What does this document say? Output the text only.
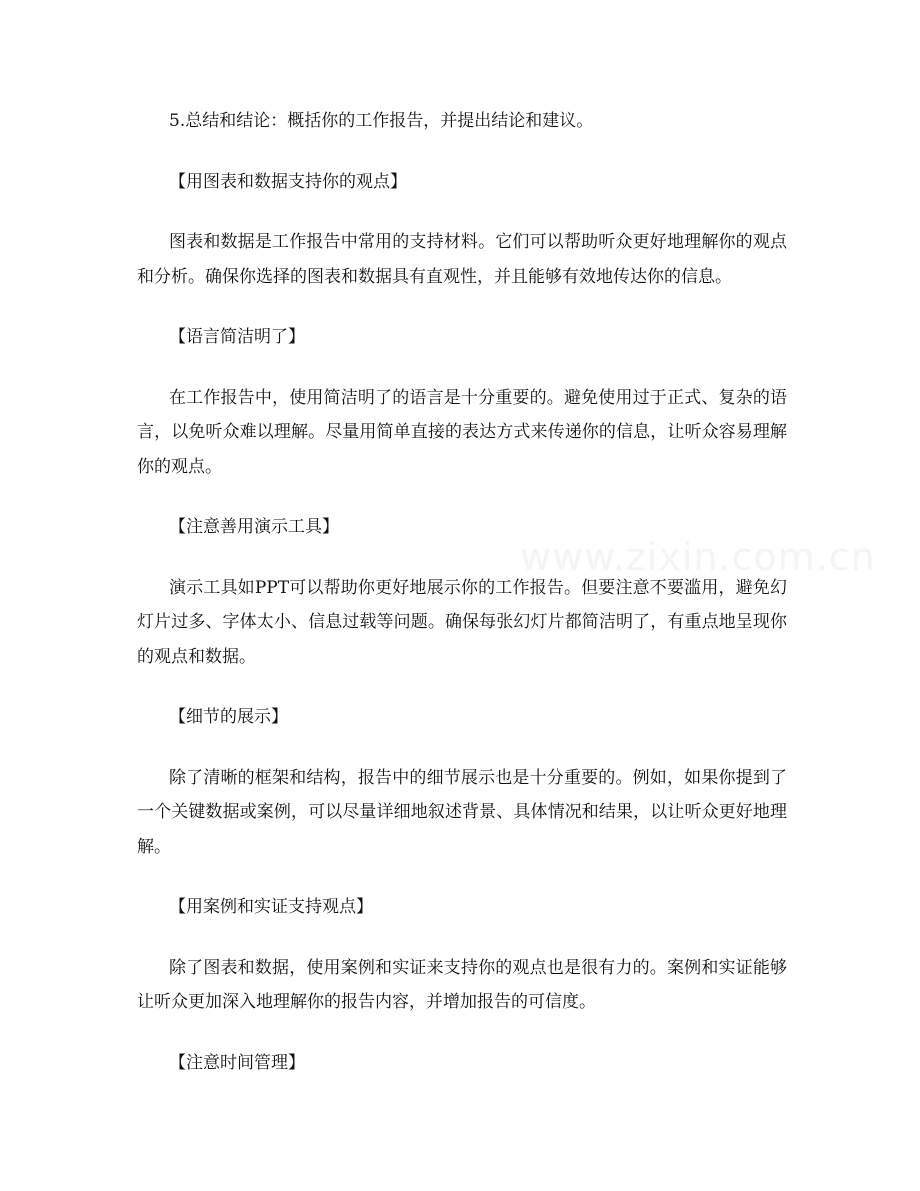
www.zixin.com.cn

5.总结和结论：概括你的工作报告，并提出结论和建议。

【用图表和数据支持你的观点】

图表和数据是工作报告中常用的支持材料。它们可以帮助听众更好地理解你的观点和分析。确保你选择的图表和数据具有直观性，并且能够有效地传达你的信息。

【语言简洁明了】

在工作报告中，使用简洁明了的语言是十分重要的。避免使用过于正式、复杂的语言，以免听众难以理解。尽量用简单直接的表达方式来传递你的信息，让听众容易理解你的观点。

【注意善用演示工具】

演示工具如PPT可以帮助你更好地展示你的工作报告。但要注意不要滥用，避免幻灯片过多、字体太小、信息过载等问题。确保每张幻灯片都简洁明了，有重点地呈现你的观点和数据。

【细节的展示】

除了清晰的框架和结构，报告中的细节展示也是十分重要的。例如，如果你提到了一个关键数据或案例，可以尽量详细地叙述背景、具体情况和结果，以让听众更好地理解。

【用案例和实证支持观点】

除了图表和数据，使用案例和实证来支持你的观点也是很有力的。案例和实证能够让听众更加深入地理解你的报告内容，并增加报告的可信度。

【注意时间管理】
